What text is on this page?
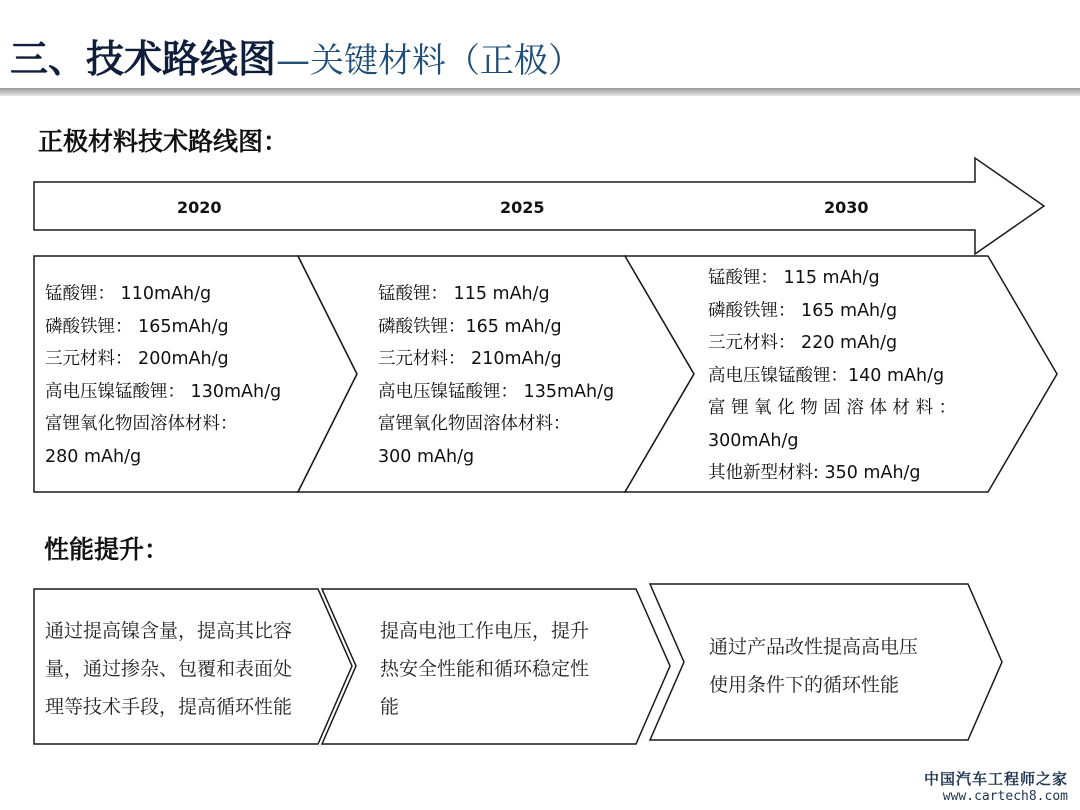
三、技术路线图—关键材料（正极）
正极材料技术路线图：
2020	2025	2030
锰酸锂： 110mAh/g
磷酸铁锂： 165mAh/g
三元材料： 200mAh/g
高电压镍锰酸锂： 130mAh/g
富锂氧化物固溶体材料：
280 mAh/g
锰酸锂： 115 mAh/g
磷酸铁锂：165 mAh/g
三元材料： 210mAh/g
高电压镍锰酸锂： 135mAh/g
富锂氧化物固溶体材料：
300 mAh/g
锰酸锂： 115 mAh/g
磷酸铁锂： 165 mAh/g
三元材料： 220 mAh/g
高电压镍锰酸锂：140 mAh/g
富 锂 氧 化 物 固 溶 体 材 料 ：
300mAh/g
其他新型材料: 350 mAh/g
性能提升：
通过提高镍含量，提高其比容
量，通过掺杂、包覆和表面处
理等技术手段，提高循环性能
提高电池工作电压，提升
热安全性能和循环稳定性
能
通过产品改性提高高电压
使用条件下的循环性能
中国汽车工程师之家
www.cartech8.com
